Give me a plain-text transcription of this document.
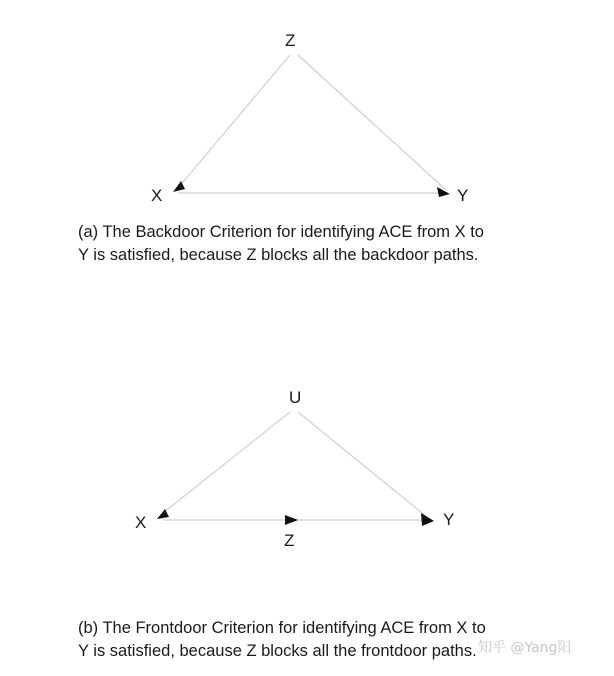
Z
X	Y
U
X
Z
Y

(a) The Backdoor Criterion for identifying ACE from X to
Y is satisfied, because Z blocks all the backdoor paths.

(b) The Frontdoor Criterion for identifying ACE from X to
Y is satisfied, because Z blocks all the frontdoor paths. 知乎 @Yang阳
